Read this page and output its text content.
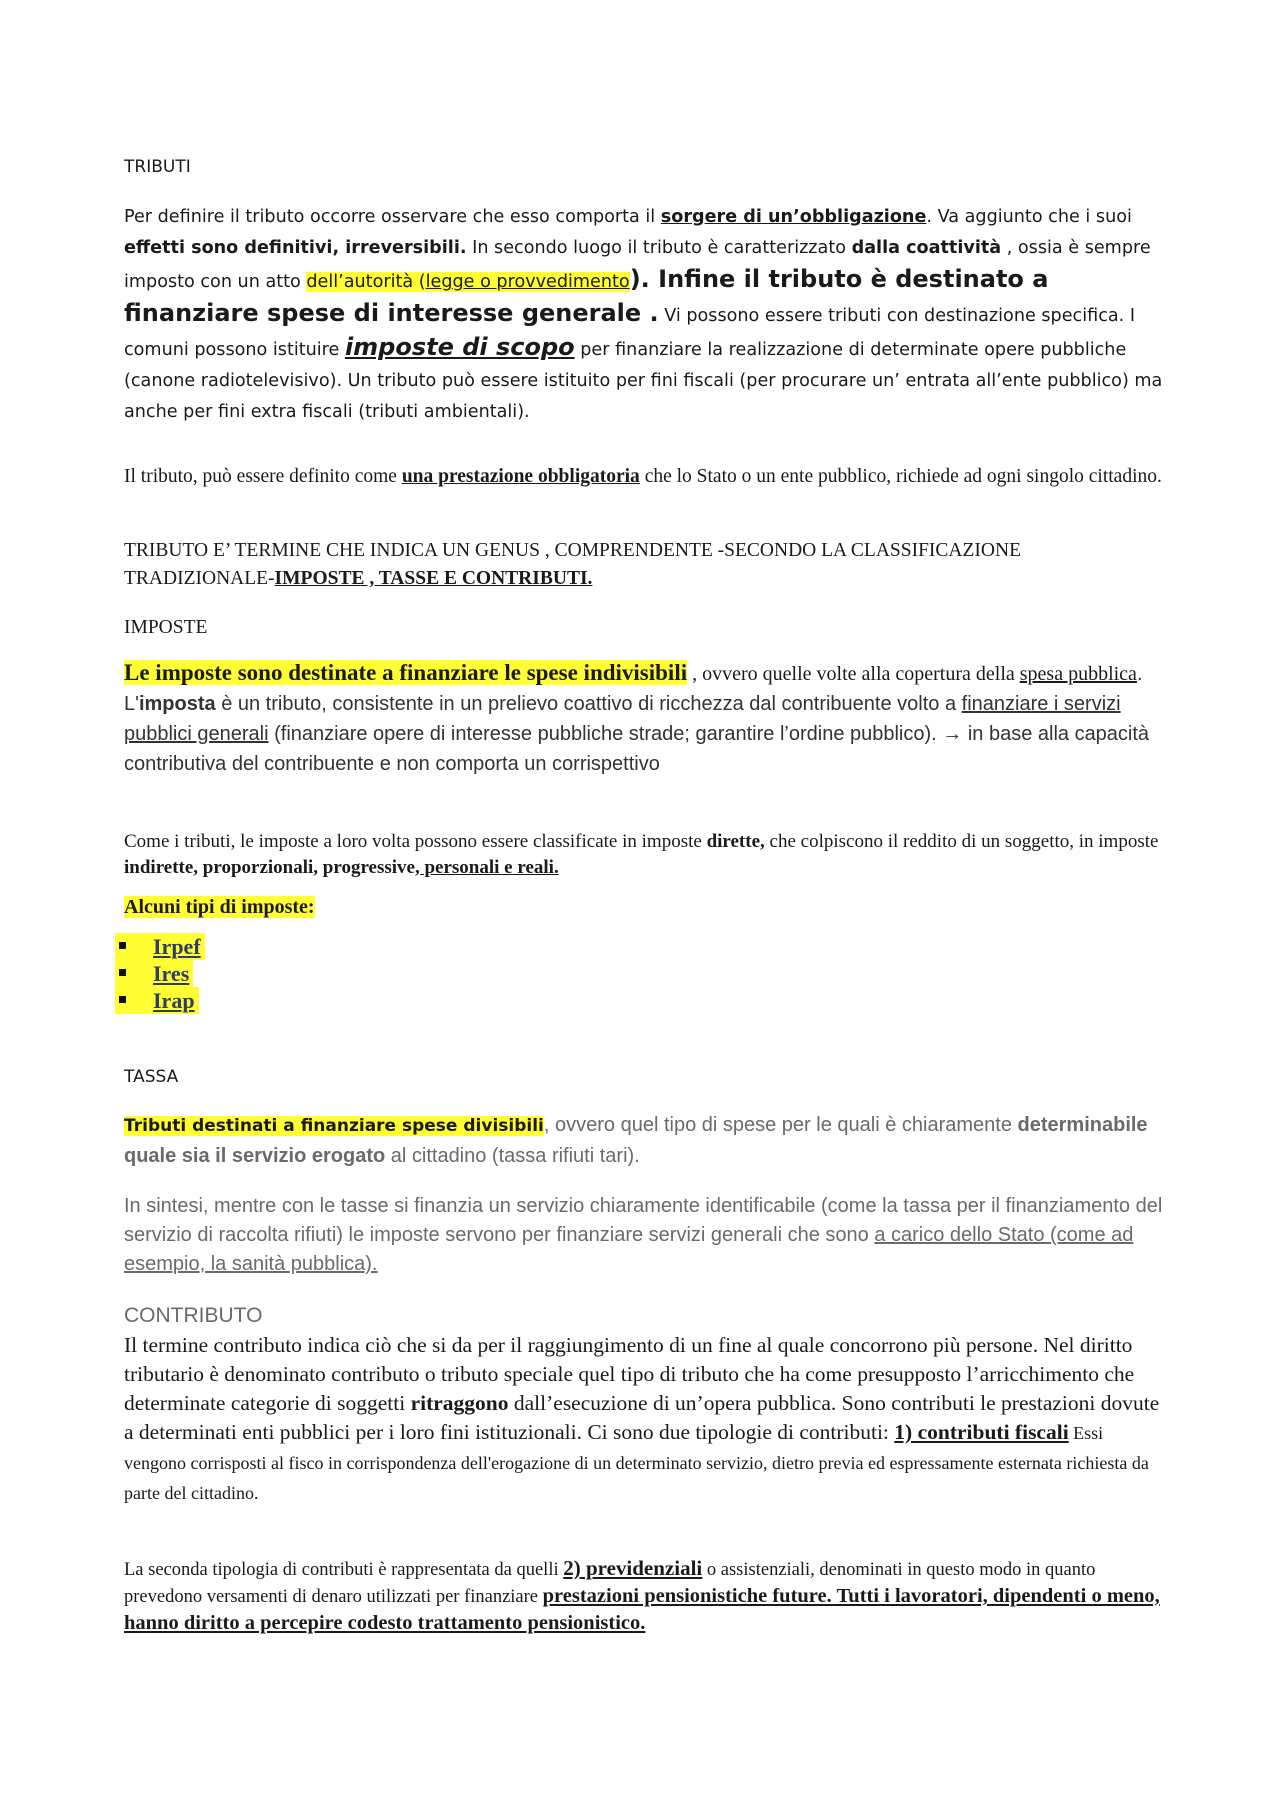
TRIBUTI
Per definire il tributo occorre osservare che esso comporta il sorgere di un’obbligazione. Va aggiunto che i suoi effetti sono definitivi, irreversibili. In secondo luogo il tributo è caratterizzato dalla coattività , ossia è sempre imposto con un atto dell’autorità (legge o provvedimento). Infine il tributo è destinato a finanziare spese di interesse generale . Vi possono essere tributi con destinazione specifica. I comuni possono istituire imposte di scopo per finanziare la realizzazione di determinate opere pubbliche (canone radiotelevisivo). Un tributo può essere istituito per fini fiscali (per procurare un’ entrata all’ente pubblico) ma anche per fini extra fiscali (tributi ambientali).
Il tributo, può essere definito come una prestazione obbligatoria che lo Stato o un ente pubblico, richiede ad ogni singolo cittadino.
TRIBUTO E’ TERMINE CHE INDICA UN GENUS , COMPRENDENTE -SECONDO LA CLASSIFICAZIONE TRADIZIONALE-IMPOSTE , TASSE E CONTRIBUTI.
IMPOSTE
Le imposte sono destinate a finanziare le spese indivisibili , ovvero quelle volte alla copertura della spesa pubblica. L'imposta è un tributo, consistente in un prelievo coattivo di ricchezza dal contribuente volto a finanziare i servizi pubblici generali (finanziare opere di interesse pubbliche strade; garantire l’ordine pubblico). → in base alla capacità contributiva del contribuente e non comporta un corrispettivo
Come i tributi, le imposte a loro volta possono essere classificate in imposte dirette, che colpiscono il reddito di un soggetto, in imposte indirette, proporzionali, progressive, personali e reali.
Alcuni tipi di imposte:
Irpef
Ires
Irap
TASSA
Tributi destinati a finanziare spese divisibili, ovvero quel tipo di spese per le quali è chiaramente determinabile quale sia il servizio erogato al cittadino (tassa rifiuti tari).
In sintesi, mentre con le tasse si finanzia un servizio chiaramente identificabile (come la tassa per il finanziamento del servizio di raccolta rifiuti) le imposte servono per finanziare servizi generali che sono a carico dello Stato (come ad esempio, la sanità pubblica).
CONTRIBUTO
Il termine contributo indica ciò che si da per il raggiungimento di un fine al quale concorrono più persone. Nel diritto tributario è denominato contributo o tributo speciale quel tipo di tributo che ha come presupposto l’arricchimento che determinate categorie di soggetti ritraggono dall’esecuzione di un’opera pubblica. Sono contributi le prestazioni dovute a determinati enti pubblici per i loro fini istituzionali. Ci sono due tipologie di contributi: 1) contributi fiscali Essi vengono corrisposti al fisco in corrispondenza dell'erogazione di un determinato servizio, dietro previa ed espressamente esternata richiesta da parte del cittadino.
La seconda tipologia di contributi è rappresentata da quelli 2) previdenziali o assistenziali, denominati in questo modo in quanto prevedono versamenti di denaro utilizzati per finanziare prestazioni pensionistiche future. Tutti i lavoratori, dipendenti o meno, hanno diritto a percepire codesto trattamento pensionistico.
